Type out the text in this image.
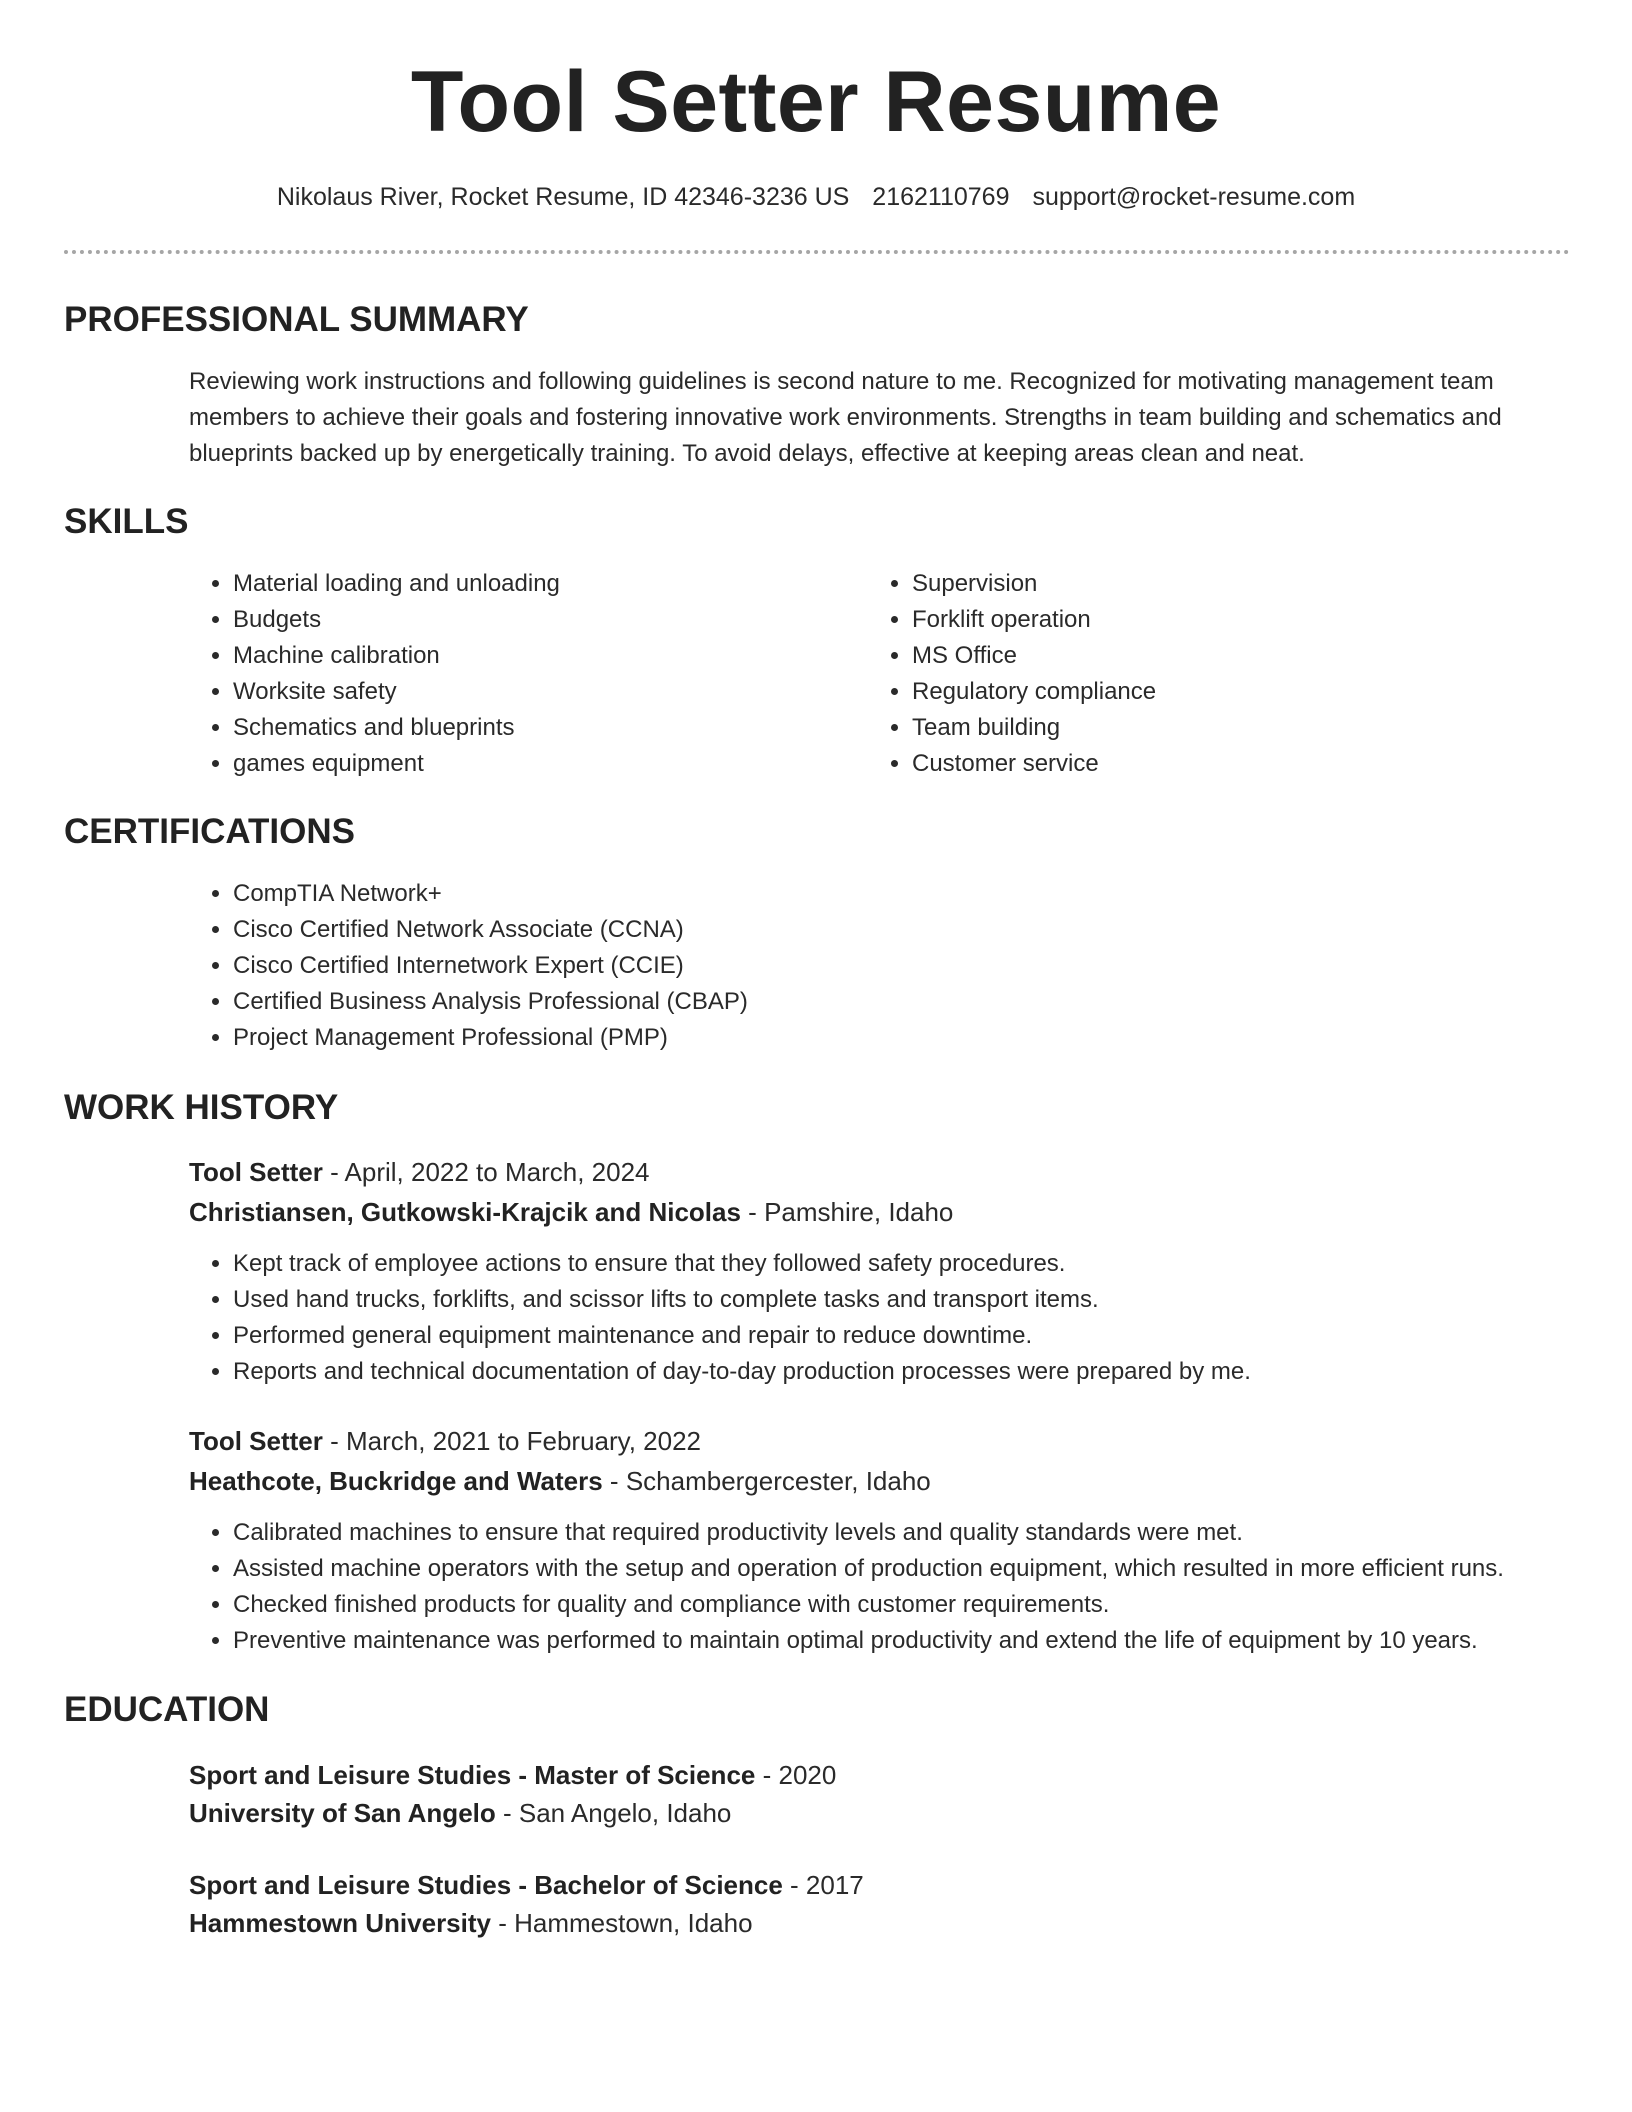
Tool Setter Resume
Nikolaus River, Rocket Resume, ID 42346-3236 US 2162110769 support@rocket-resume.com
PROFESSIONAL SUMMARY

Reviewing work instructions and following guidelines is second nature to me. Recognized for motivating management team members to achieve their goals and fostering innovative work environments. Strengths in team building and schematics and blueprints backed up by energetically training. To avoid delays, effective at keeping areas clean and neat.

SKILLS
• Material loading and unloading
• Budgets
• Machine calibration
• Worksite safety
• Schematics and blueprints
• games equipment
• Supervision
• Forklift operation
• MS Office
• Regulatory compliance
• Team building
• Customer service
CERTIFICATIONS
• CompTIA Network+
• Cisco Certified Network Associate (CCNA)
• Cisco Certified Internetwork Expert (CCIE)
• Certified Business Analysis Professional (CBAP)
• Project Management Professional (PMP)
WORK HISTORY
Tool Setter - April, 2022 to March, 2024
Christiansen, Gutkowski-Krajcik and Nicolas - Pamshire, Idaho
• Kept track of employee actions to ensure that they followed safety procedures.
• Used hand trucks, forklifts, and scissor lifts to complete tasks and transport items.
• Performed general equipment maintenance and repair to reduce downtime.
• Reports and technical documentation of day-to-day production processes were prepared by me.
Tool Setter - March, 2021 to February, 2022
Heathcote, Buckridge and Waters - Schambergercester, Idaho
• Calibrated machines to ensure that required productivity levels and quality standards were met.
• Assisted machine operators with the setup and operation of production equipment, which resulted in more efficient runs.
• Checked finished products for quality and compliance with customer requirements.
• Preventive maintenance was performed to maintain optimal productivity and extend the life of equipment by 10 years.
EDUCATION
Sport and Leisure Studies - Master of Science - 2020
University of San Angelo - San Angelo, Idaho
Sport and Leisure Studies - Bachelor of Science - 2017
Hammestown University - Hammestown, Idaho
